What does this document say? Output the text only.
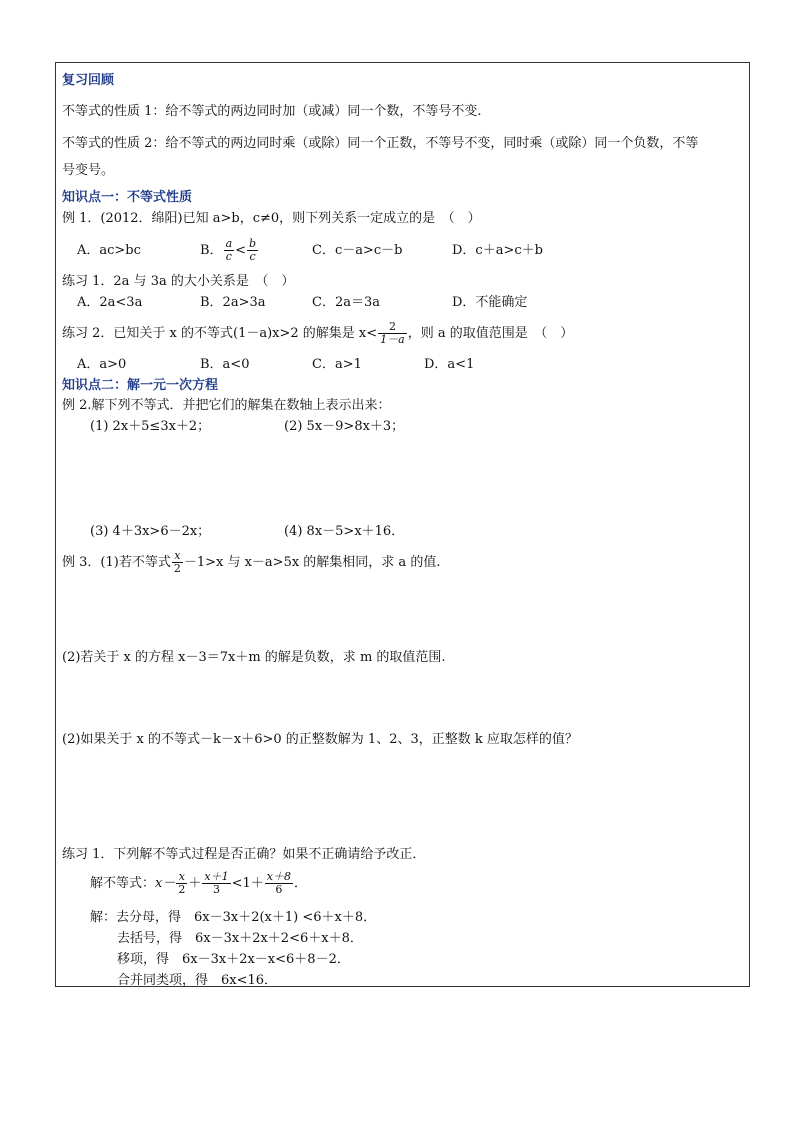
复习回顾
不等式的性质 1：给不等式的两边同时加（或减）同一个数，不等号不变.
不等式的性质 2：给不等式的两边同时乘（或除）同一个正数，不等号不变，同时乘（或除）同一个负数，不等
号变号。
知识点一：不等式性质
例 1．(2012．绵阳)已知 a>b，c≠0，则下列关系一定成立的是　（　）
A．ac>bc	B． $\frac{a}{c} < \frac{b}{c}$	C．c－a>c－b	D．c＋a>c＋b
练习 1．2a 与 3a 的大小关系是　（　）
A．2a<3a	B．2a>3a	C．2a＝3a	D．不能确定
练习 2．已知关于 x 的不等式(1－a)x>2 的解集是 $x< \frac{2}{1-a}$ ，则 a 的取值范围是　（　）
A．a>0	B．a<0	C．a>1	D．a<1
知识点二：解一元一次方程
例 2.解下列不等式．并把它们的解集在数轴上表示出来：
(1) 2x＋5≤3x＋2；	(2) 5x－9>8x＋3；
(3) 4＋3x>6－2x；	(4) 8x－5>x＋16．
例 3．(1)若不等式 $\frac{x}{2} -1>x$ 与 x－a>5x 的解集相同，求 a 的值.
(2)若关于 x 的方程 x－3＝7x＋m 的解是负数，求 m 的取值范围.
(2)如果关于 x 的不等式－k－x＋6>0 的正整数解为 1、2、3，正整数 k 应取怎样的值？
练习 1．下列解不等式过程是否正确？如果不正确请给予改正．
解不等式：$x- \frac{x}{2} + \frac{x+1}{3} <1+ \frac{x+8}{6}$ ．
解：去分母，得　6x－3x＋2(x＋1) <6＋x＋8．
去括号，得　6x－3x＋2x＋2<6＋x＋8．
移项，得　6x－3x＋2x－x<6＋8－2．
合并同类项，得　6x<16．
